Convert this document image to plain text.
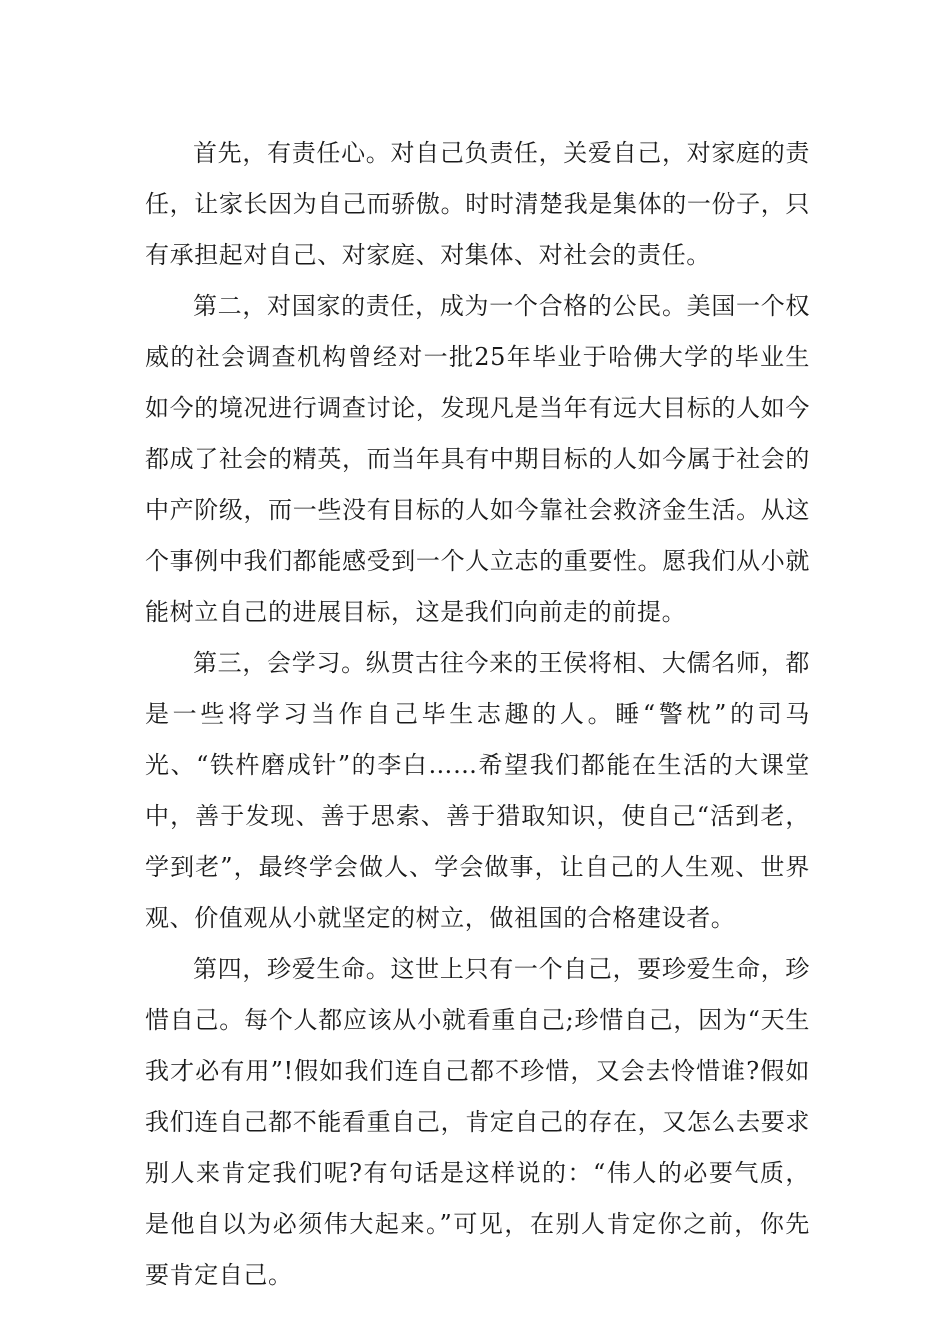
首先，有责任心。对自己负责任，关爱自己，对家庭的责任，让家长因为自己而骄傲。时时清楚我是集体的一份子，只有承担起对自己、对家庭、对集体、对社会的责任。

第二，对国家的责任，成为一个合格的公民。美国一个权威的社会调查机构曾经对一批25年毕业于哈佛大学的毕业生如今的境况进行调查讨论，发现凡是当年有远大目标的人如今都成了社会的精英，而当年具有中期目标的人如今属于社会的中产阶级，而一些没有目标的人如今靠社会救济金生活。从这个事例中我们都能感受到一个人立志的重要性。愿我们从小就能树立自己的进展目标，这是我们向前走的前提。

第三，会学习。纵贯古往今来的王侯将相、大儒名师，都是一些将学习当作自己毕生志趣的人。睡“警枕”的司马光、“铁杵磨成针”的李白……希望我们都能在生活的大课堂中，善于发现、善于思索、善于猎取知识，使自己“活到老，学到老”，最终学会做人、学会做事，让自己的人生观、世界观、价值观从小就坚定的树立，做祖国的合格建设者。

第四，珍爱生命。这世上只有一个自己，要珍爱生命，珍惜自己。每个人都应该从小就看重自己;珍惜自己，因为“天生我才必有用”!假如我们连自己都不珍惜，又会去怜惜谁?假如我们连自己都不能看重自己，肯定自己的存在，又怎么去要求别人来肯定我们呢?有句话是这样说的：“伟人的必要气质，是他自以为必须伟大起来。”可见，在别人肯定你之前，你先要肯定自己。
